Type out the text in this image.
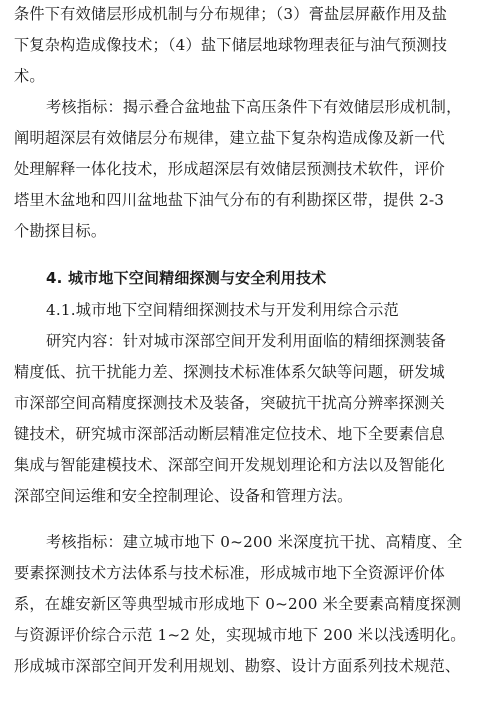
条件下有效储层形成机制与分布规律；（3）膏盐层屏蔽作用及盐
下复杂构造成像技术；（4）盐下储层地球物理表征与油气预测技
术。
考核指标：揭示叠合盆地盐下高压条件下有效储层形成机制，
阐明超深层有效储层分布规律，建立盐下复杂构造成像及新一代
处理解释一体化技术，形成超深层有效储层预测技术软件，评价
塔里木盆地和四川盆地盐下油气分布的有利勘探区带，提供 2-3
个勘探目标。
4. 城市地下空间精细探测与安全利用技术
4.1.城市地下空间精细探测技术与开发利用综合示范
研究内容：针对城市深部空间开发利用面临的精细探测装备
精度低、抗干扰能力差、探测技术标准体系欠缺等问题，研发城
市深部空间高精度探测技术及装备，突破抗干扰高分辨率探测关
键技术，研究城市深部活动断层精准定位技术、地下全要素信息
集成与智能建模技术、深部空间开发规划理论和方法以及智能化
深部空间运维和安全控制理论、设备和管理方法。
考核指标：建立城市地下 0~200 米深度抗干扰、高精度、全
要素探测技术方法体系与技术标准，形成城市地下全资源评价体
系，在雄安新区等典型城市形成地下 0~200 米全要素高精度探测
与资源评价综合示范 1~2 处，实现城市地下 200 米以浅透明化。
形成城市深部空间开发利用规划、勘察、设计方面系列技术规范、
